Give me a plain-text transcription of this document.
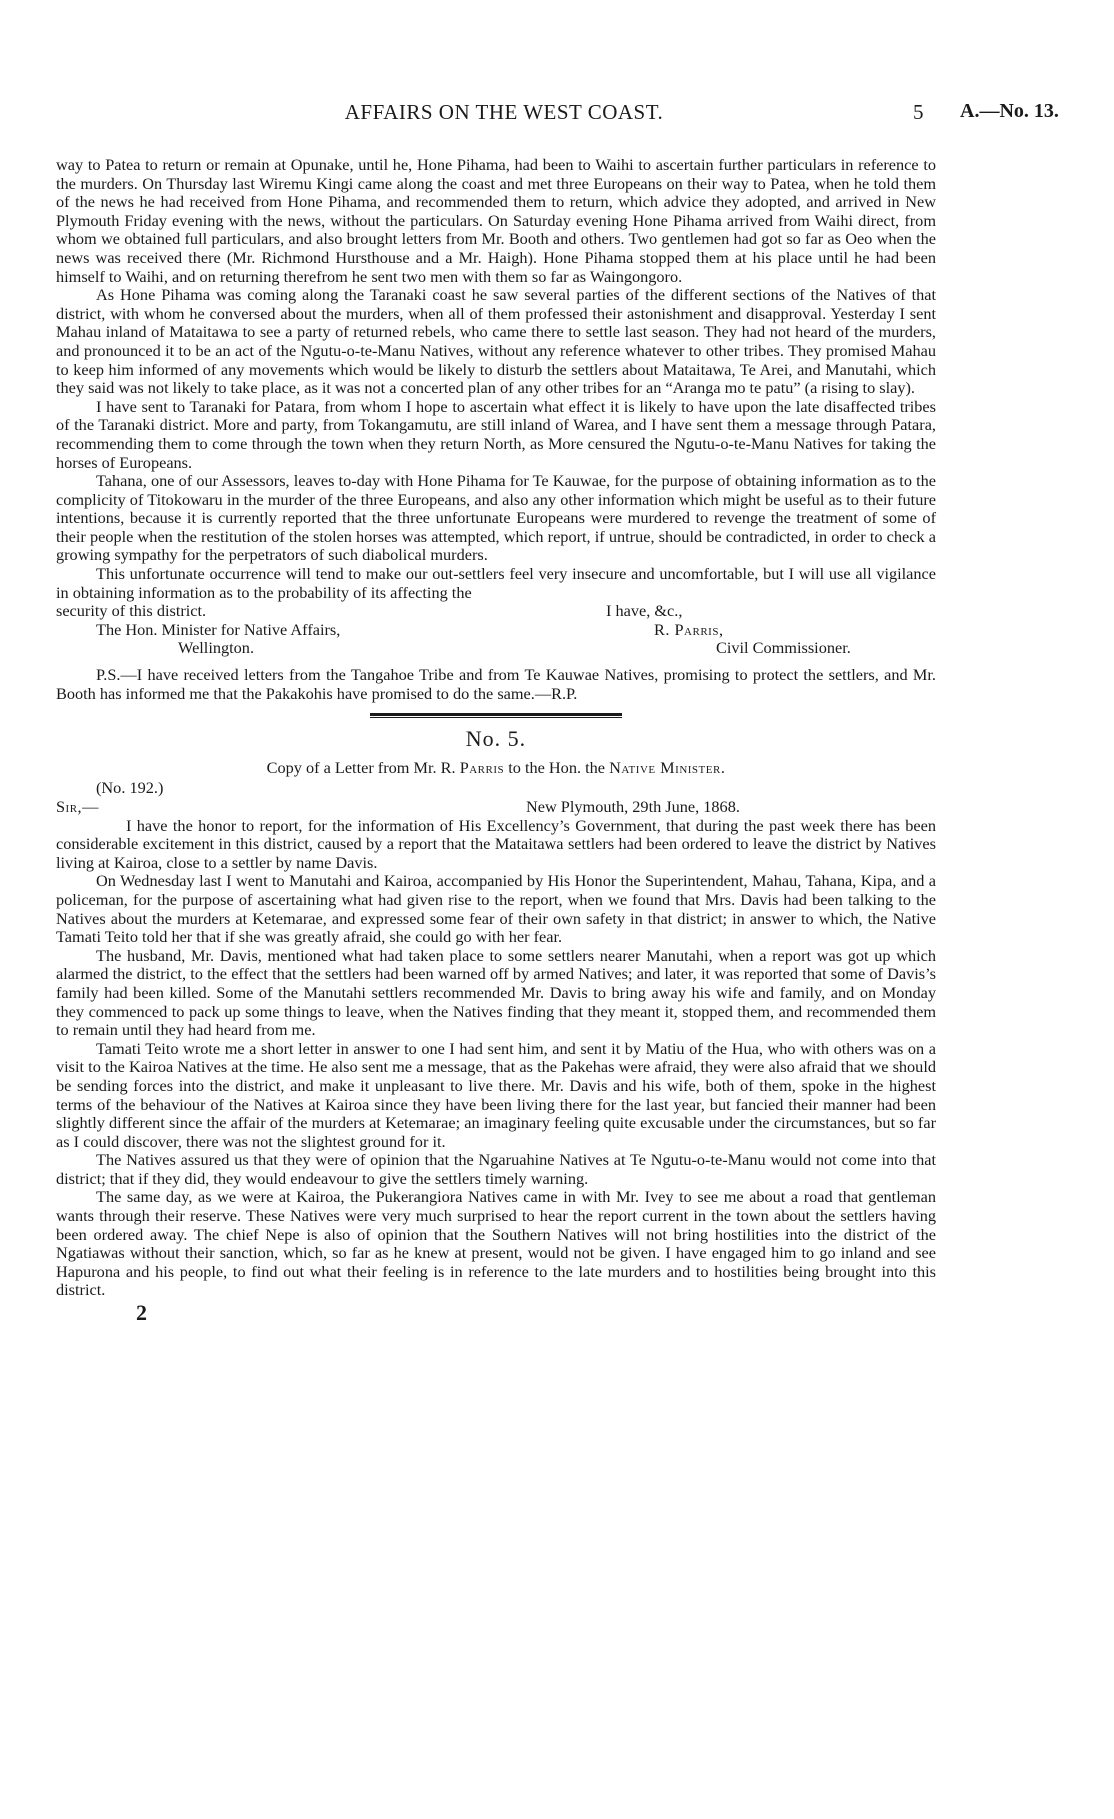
AFFAIRS ON THE WEST COAST.	5 A.—No. 13.

way to Patea to return or remain at Opunake, until he, Hone Pihama, had been to Waihi to ascertain further particulars in reference to the murders. On Thursday last Wiremu Kingi came along the coast and met three Europeans on their way to Patea, when he told them of the news he had received from Hone Pihama, and recommended them to return, which advice they adopted, and arrived in New Plymouth Friday evening with the news, without the particulars. On Saturday evening Hone Pihama arrived from Waihi direct, from whom we obtained full particulars, and also brought letters from Mr. Booth and others. Two gentlemen had got so far as Oeo when the news was received there (Mr. Richmond Hursthouse and a Mr. Haigh). Hone Pihama stopped them at his place until he had been himself to Waihi, and on returning therefrom he sent two men with them so far as Waingongoro.

As Hone Pihama was coming along the Taranaki coast he saw several parties of the different sections of the Natives of that district, with whom he conversed about the murders, when all of them professed their astonishment and disapproval. Yesterday I sent Mahau inland of Mataitawa to see a party of returned rebels, who came there to settle last season. They had not heard of the murders, and pronounced it to be an act of the Ngutu-o-te-Manu Natives, without any reference whatever to other tribes. They promised Mahau to keep him informed of any movements which would be likely to disturb the settlers about Mataitawa, Te Arei, and Manutahi, which they said was not likely to take place, as it was not a concerted plan of any other tribes for an “Aranga mo te patu” (a rising to slay).

I have sent to Taranaki for Patara, from whom I hope to ascertain what effect it is likely to have upon the late disaffected tribes of the Taranaki district. More and party, from Tokangamutu, are still inland of Warea, and I have sent them a message through Patara, recommending them to come through the town when they return North, as More censured the Ngutu-o-te-Manu Natives for taking the horses of Europeans.

Tahana, one of our Assessors, leaves to-day with Hone Pihama for Te Kauwae, for the purpose of obtaining information as to the complicity of Titokowaru in the murder of the three Europeans, and also any other information which might be useful as to their future intentions, because it is currently reported that the three unfortunate Europeans were murdered to revenge the treatment of some of their people when the restitution of the stolen horses was attempted, which report, if untrue, should be contradicted, in order to check a growing sympathy for the perpetrators of such diabolical murders.

This unfortunate occurrence will tend to make our out-settlers feel very insecure and uncomfortable, but I will use all vigilance in obtaining information as to the probability of its affecting the

security of this district.	I have, &c.,
The Hon. Minister for Native Affairs,	R. Parris,
Wellington.	Civil Commissioner.

P.S.—I have received letters from the Tangahoe Tribe and from Te Kauwae Natives, promising to protect the settlers, and Mr. Booth has informed me that the Pakakohis have promised to do the same.—R.P.

No. 5.
Copy of a Letter from Mr. R. Parris to the Hon. the Native Minister.
(No. 192.)
Sir,—	New Plymouth, 29th June, 1868.

I have the honor to report, for the information of His Excellency’s Government, that during the past week there has been considerable excitement in this district, caused by a report that the Mataitawa settlers had been ordered to leave the district by Natives living at Kairoa, close to a settler by name Davis.

On Wednesday last I went to Manutahi and Kairoa, accompanied by His Honor the Superintendent, Mahau, Tahana, Kipa, and a policeman, for the purpose of ascertaining what had given rise to the report, when we found that Mrs. Davis had been talking to the Natives about the murders at Ketemarae, and expressed some fear of their own safety in that district; in answer to which, the Native Tamati Teito told her that if she was greatly afraid, she could go with her fear.

The husband, Mr. Davis, mentioned what had taken place to some settlers nearer Manutahi, when a report was got up which alarmed the district, to the effect that the settlers had been warned off by armed Natives; and later, it was reported that some of Davis’s family had been killed. Some of the Manutahi settlers recommended Mr. Davis to bring away his wife and family, and on Monday they commenced to pack up some things to leave, when the Natives finding that they meant it, stopped them, and recommended them to remain until they had heard from me.

Tamati Teito wrote me a short letter in answer to one I had sent him, and sent it by Matiu of the Hua, who with others was on a visit to the Kairoa Natives at the time. He also sent me a message, that as the Pakehas were afraid, they were also afraid that we should be sending forces into the district, and make it unpleasant to live there. Mr. Davis and his wife, both of them, spoke in the highest terms of the behaviour of the Natives at Kairoa since they have been living there for the last year, but fancied their manner had been slightly different since the affair of the murders at Ketemarae; an imaginary feeling quite excusable under the circumstances, but so far as I could discover, there was not the slightest ground for it.

The Natives assured us that they were of opinion that the Ngaruahine Natives at Te Ngutu-o-te-Manu would not come into that district; that if they did, they would endeavour to give the settlers timely warning.

The same day, as we were at Kairoa, the Pukerangiora Natives came in with Mr. Ivey to see me about a road that gentleman wants through their reserve. These Natives were very much surprised to hear the report current in the town about the settlers having been ordered away. The chief Nepe is also of opinion that the Southern Natives will not bring hostilities into the district of the Ngatiawas without their sanction, which, so far as he knew at present, would not be given. I have engaged him to go inland and see Hapurona and his people, to find out what their feeling is in reference to the late murders and to hostilities being brought into this district.

2
